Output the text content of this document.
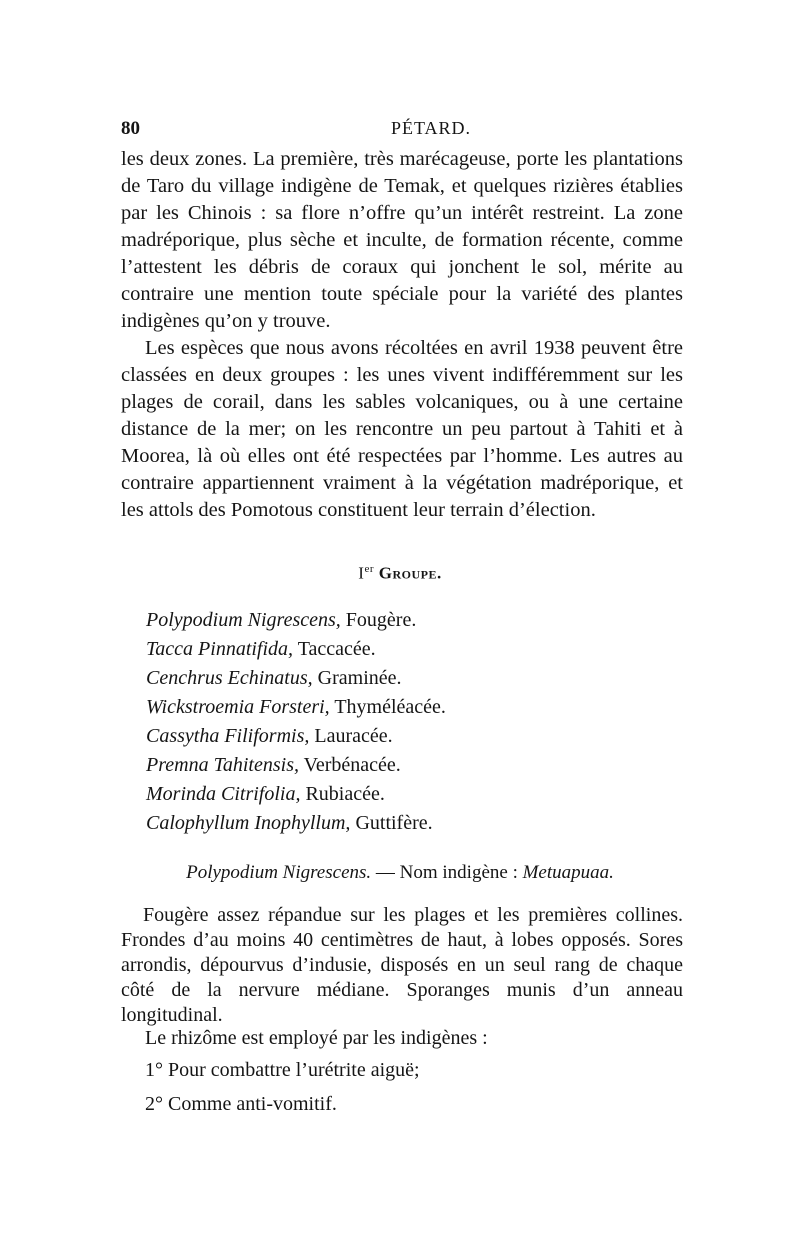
80	PÉTARD.

les deux zones. La première, très marécageuse, porte les plantations de Taro du village indigène de Temak, et quelques rizières établies par les Chinois : sa flore n’offre qu’un intérêt restreint. La zone madréporique, plus sèche et inculte, de formation récente, comme l’attestent les débris de coraux qui jonchent le sol, mérite au contraire une mention toute spéciale pour la variété des plantes indigènes qu’on y trouve.

Les espèces que nous avons récoltées en avril 1938 peuvent être classées en deux groupes : les unes vivent indifféremment sur les plages de corail, dans les sables volcaniques, ou à une certaine distance de la mer; on les rencontre un peu partout à Tahiti et à Moorea, là où elles ont été respectées par l’homme. Les autres au contraire appartiennent vraiment à la végétation madréporique, et les attols des Pomotous constituent leur terrain d’élection.

Ier Groupe.
Polypodium Nigrescens, Fougère.
Tacca Pinnatifida, Taccacée.
Cenchrus Echinatus, Graminée.
Wickstroemia Forsteri, Thyméléacée.
Cassytha Filiformis, Lauracée.
Premna Tahitensis, Verbénacée.
Morinda Citrifolia, Rubiacée.
Calophyllum Inophyllum, Guttifère.
Polypodium Nigrescens. — Nom indigène : Metuapuaa.

Fougère assez répandue sur les plages et les premières collines. Frondes d’au moins 40 centimètres de haut, à lobes opposés. Sores arrondis, dépourvus d’indusie, disposés en un seul rang de chaque côté de la nervure médiane. Sporanges munis d’un anneau longitudinal.

Le rhizôme est employé par les indigènes :

1° Pour combattre l’urétrite aiguë;
2° Comme anti-vomitif.
